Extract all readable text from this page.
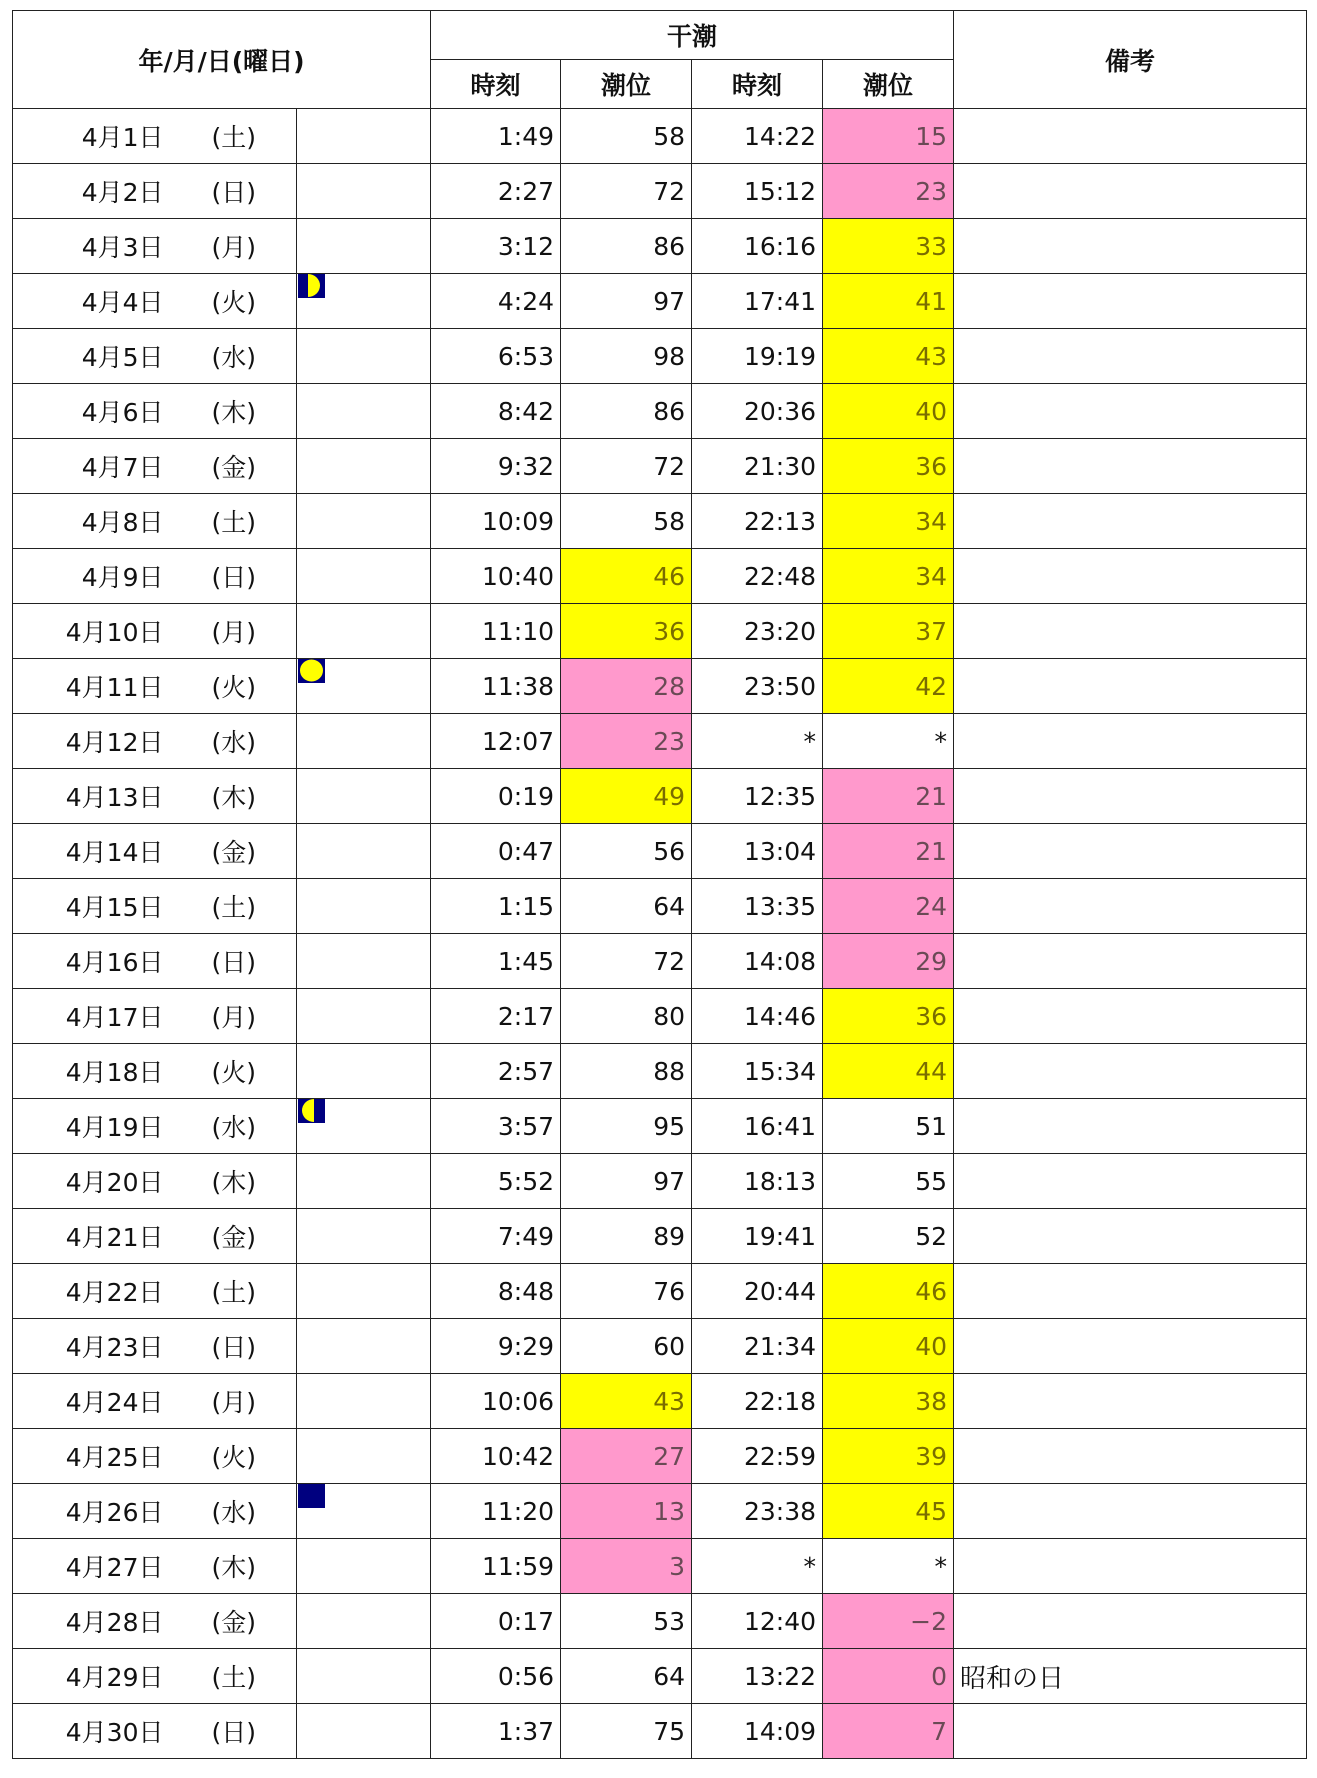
年/月/日(曜日)			干潮				備考
			時刻	潮位	時刻	潮位	
4月1日	(土)		1:49	58	14:22	15	
4月2日	(日)		2:27	72	15:12	23	
4月3日	(月)		3:12	86	16:16	33	
4月4日	(火)		4:24	97	17:41	41	
4月5日	(水)		6:53	98	19:19	43	
4月6日	(木)		8:42	86	20:36	40	
4月7日	(金)		9:32	72	21:30	36	
4月8日	(土)		10:09	58	22:13	34	
4月9日	(日)		10:40	46	22:48	34	
4月10日	(月)		11:10	36	23:20	37	
4月11日	(火)		11:38	28	23:50	42	
4月12日	(水)		12:07	23	*	*	
4月13日	(木)		0:19	49	12:35	21	
4月14日	(金)		0:47	56	13:04	21	
4月15日	(土)		1:15	64	13:35	24	
4月16日	(日)		1:45	72	14:08	29	
4月17日	(月)		2:17	80	14:46	36	
4月18日	(火)		2:57	88	15:34	44	
4月19日	(水)		3:57	95	16:41	51	
4月20日	(木)		5:52	97	18:13	55	
4月21日	(金)		7:49	89	19:41	52	
4月22日	(土)		8:48	76	20:44	46	
4月23日	(日)		9:29	60	21:34	40	
4月24日	(月)		10:06	43	22:18	38	
4月25日	(火)		10:42	27	22:59	39	
4月26日	(水)		11:20	13	23:38	45	
4月27日	(木)		11:59	3	*	*	
4月28日	(金)		0:17	53	12:40	−2	
4月29日	(土)		0:56	64	13:22	0	昭和の日
4月30日	(日)		1:37	75	14:09	7	
